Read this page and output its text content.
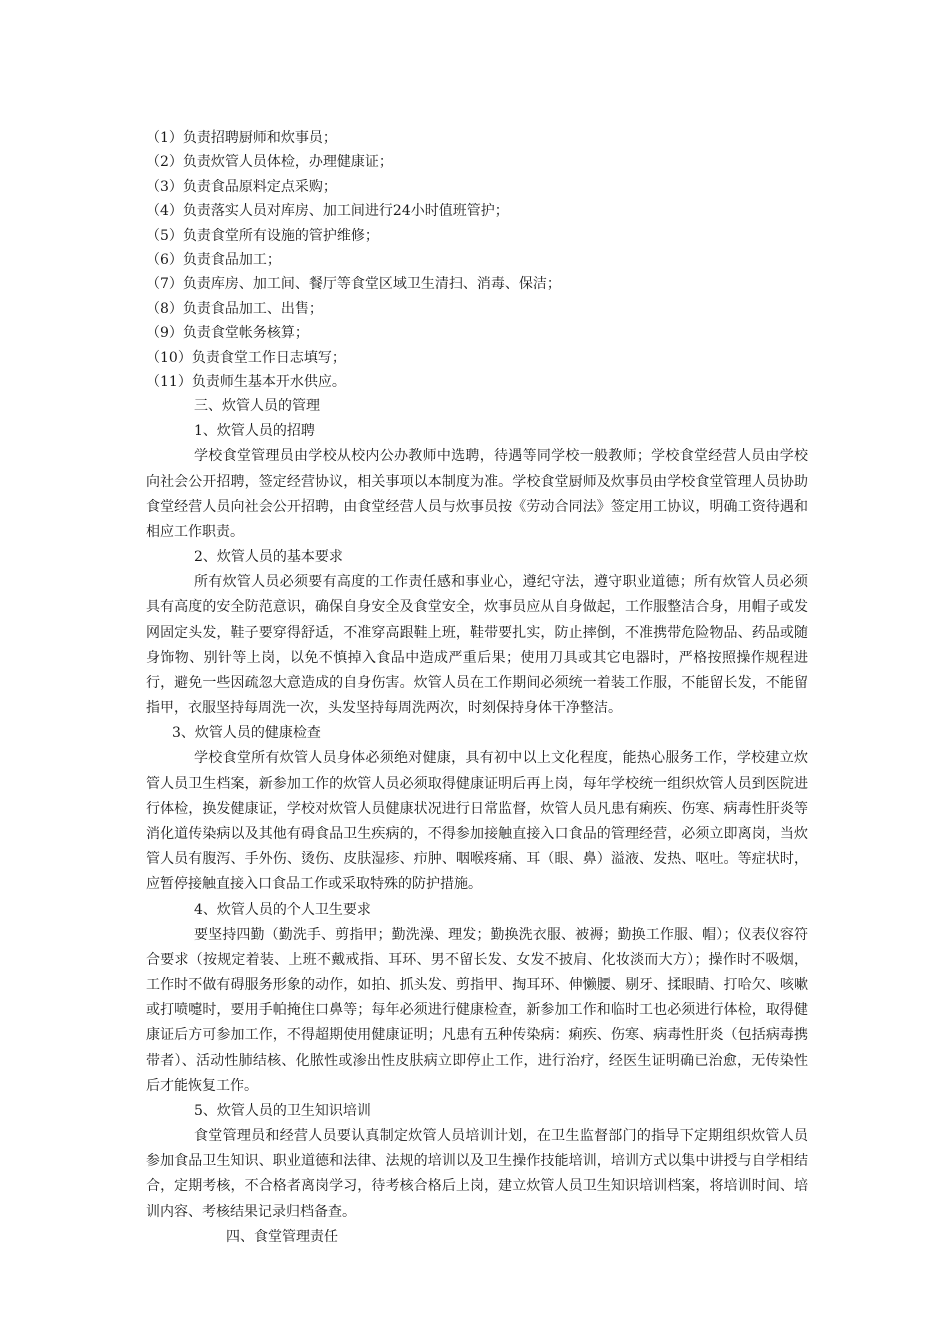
（1）负责招聘厨师和炊事员；
（2）负责炊管人员体检，办理健康证；
（3）负责食品原料定点采购；
（4）负责落实人员对库房、加工间进行24小时值班管护；
（5）负责食堂所有设施的管护维修；
（6）负责食品加工；
（7）负责库房、加工间、餐厅等食堂区域卫生清扫、消毒、保洁；
（8）负责食品加工、出售；
（9）负责食堂帐务核算；
（10）负责食堂工作日志填写；
（11）负责师生基本开水供应。
三、炊管人员的管理
1、炊管人员的招聘

学校食堂管理员由学校从校内公办教师中选聘，待遇等同学校一般教师；学校食堂经营人员由学校向社会公开招聘，签定经营协议，相关事项以本制度为准。学校食堂厨师及炊事员由学校食堂管理人员协助食堂经营人员向社会公开招聘，由食堂经营人员与炊事员按《劳动合同法》签定用工协议，明确工资待遇和相应工作职责。

2、炊管人员的基本要求

所有炊管人员必须要有高度的工作责任感和事业心，遵纪守法，遵守职业道德；所有炊管人员必须具有高度的安全防范意识，确保自身安全及食堂安全，炊事员应从自身做起，工作服整洁合身，用帽子或发网固定头发，鞋子要穿得舒适，不准穿高跟鞋上班，鞋带要扎实，防止摔倒，不准携带危险物品、药品或随身饰物、别针等上岗，以免不慎掉入食品中造成严重后果；使用刀具或其它电器时，严格按照操作规程进行，避免一些因疏忽大意造成的自身伤害。炊管人员在工作期间必须统一着装工作服，不能留长发，不能留指甲，衣服坚持每周洗一次，头发坚持每周洗两次，时刻保持身体干净整洁。

3、炊管人员的健康检查

学校食堂所有炊管人员身体必须绝对健康，具有初中以上文化程度，能热心服务工作，学校建立炊管人员卫生档案，新参加工作的炊管人员必须取得健康证明后再上岗，每年学校统一组织炊管人员到医院进行体检，换发健康证，学校对炊管人员健康状况进行日常监督，炊管人员凡患有痢疾、伤寒、病毒性肝炎等消化道传染病以及其他有碍食品卫生疾病的，不得参加接触直接入口食品的管理经营，必须立即离岗，当炊管人员有腹泻、手外伤、烫伤、皮肤湿疹、疖肿、咽喉疼痛、耳（眼、鼻）溢液、发热、呕吐。等症状时，应暂停接触直接入口食品工作或采取特殊的防护措施。

4、炊管人员的个人卫生要求

要坚持四勤（勤洗手、剪指甲；勤洗澡、理发；勤换洗衣服、被褥；勤换工作服、帽）；仪表仪容符合要求（按规定着装、上班不戴戒指、耳环、男不留长发、女发不披肩、化妆淡而大方）；操作时不吸烟，工作时不做有碍服务形象的动作，如拍、抓头发、剪指甲、掏耳环、伸懒腰、剔牙、揉眼睛、打哈欠、咳嗽或打喷嚏时，要用手帕掩住口鼻等；每年必须进行健康检查，新参加工作和临时工也必须进行体检，取得健康证后方可参加工作，不得超期使用健康证明；凡患有五种传染病：痢疾、伤寒、病毒性肝炎（包括病毒携带者）、活动性肺结核、化脓性或渗出性皮肤病立即停止工作，进行治疗，经医生证明确已治愈，无传染性后才能恢复工作。

5、炊管人员的卫生知识培训

食堂管理员和经营人员要认真制定炊管人员培训计划，在卫生监督部门的指导下定期组织炊管人员参加食品卫生知识、职业道德和法律、法规的培训以及卫生操作技能培训，培训方式以集中讲授与自学相结合，定期考核，不合格者离岗学习，待考核合格后上岗，建立炊管人员卫生知识培训档案，将培训时间、培训内容、考核结果记录归档备查。

四、食堂管理责任
